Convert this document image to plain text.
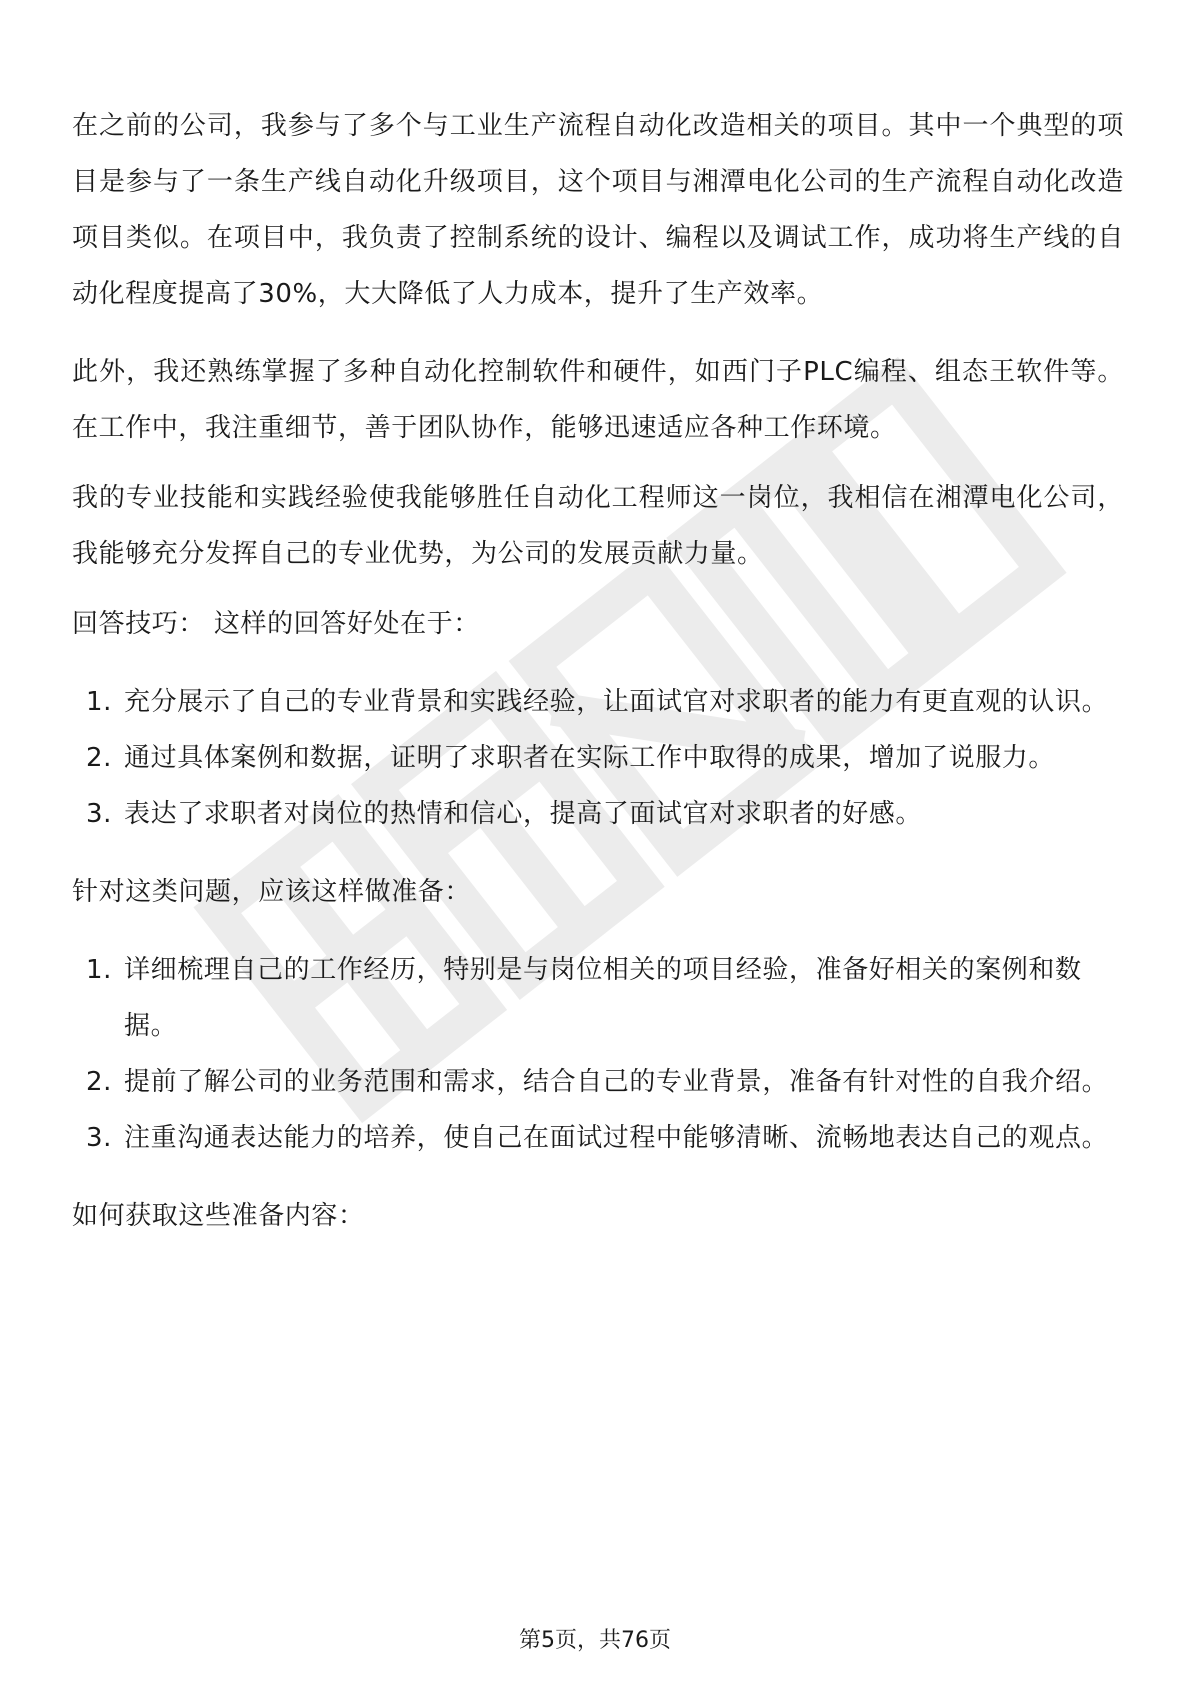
在之前的公司，我参与了多个与工业生产流程自动化改造相关的项目。其中一个典型的项目是参与了一条生产线自动化升级项目，这个项目与湘潭电化公司的生产流程自动化改造项目类似。在项目中，我负责了控制系统的设计、编程以及调试工作，成功将生产线的自动化程度提高了30%，大大降低了人力成本，提升了生产效率。

此外，我还熟练掌握了多种自动化控制软件和硬件，如西门子PLC编程、组态王软件等。在工作中，我注重细节，善于团队协作，能够迅速适应各种工作环境。

我的专业技能和实践经验使我能够胜任自动化工程师这一岗位，我相信在湘潭电化公司，我能够充分发挥自己的专业优势，为公司的发展贡献力量。

回答技巧： 这样的回答好处在于：

1. 充分展示了自己的专业背景和实践经验，让面试官对求职者的能力有更直观的认识。
2. 通过具体案例和数据，证明了求职者在实际工作中取得的成果，增加了说服力。
3. 表达了求职者对岗位的热情和信心，提高了面试官对求职者的好感。

针对这类问题，应该这样做准备：

1. 详细梳理自己的工作经历，特别是与岗位相关的项目经验，准备好相关的案例和数据。
2. 提前了解公司的业务范围和需求，结合自己的专业背景，准备有针对性的自我介绍。
3. 注重沟通表达能力的培养，使自己在面试过程中能够清晰、流畅地表达自己的观点。

如何获取这些准备内容：

第5页，共76页
